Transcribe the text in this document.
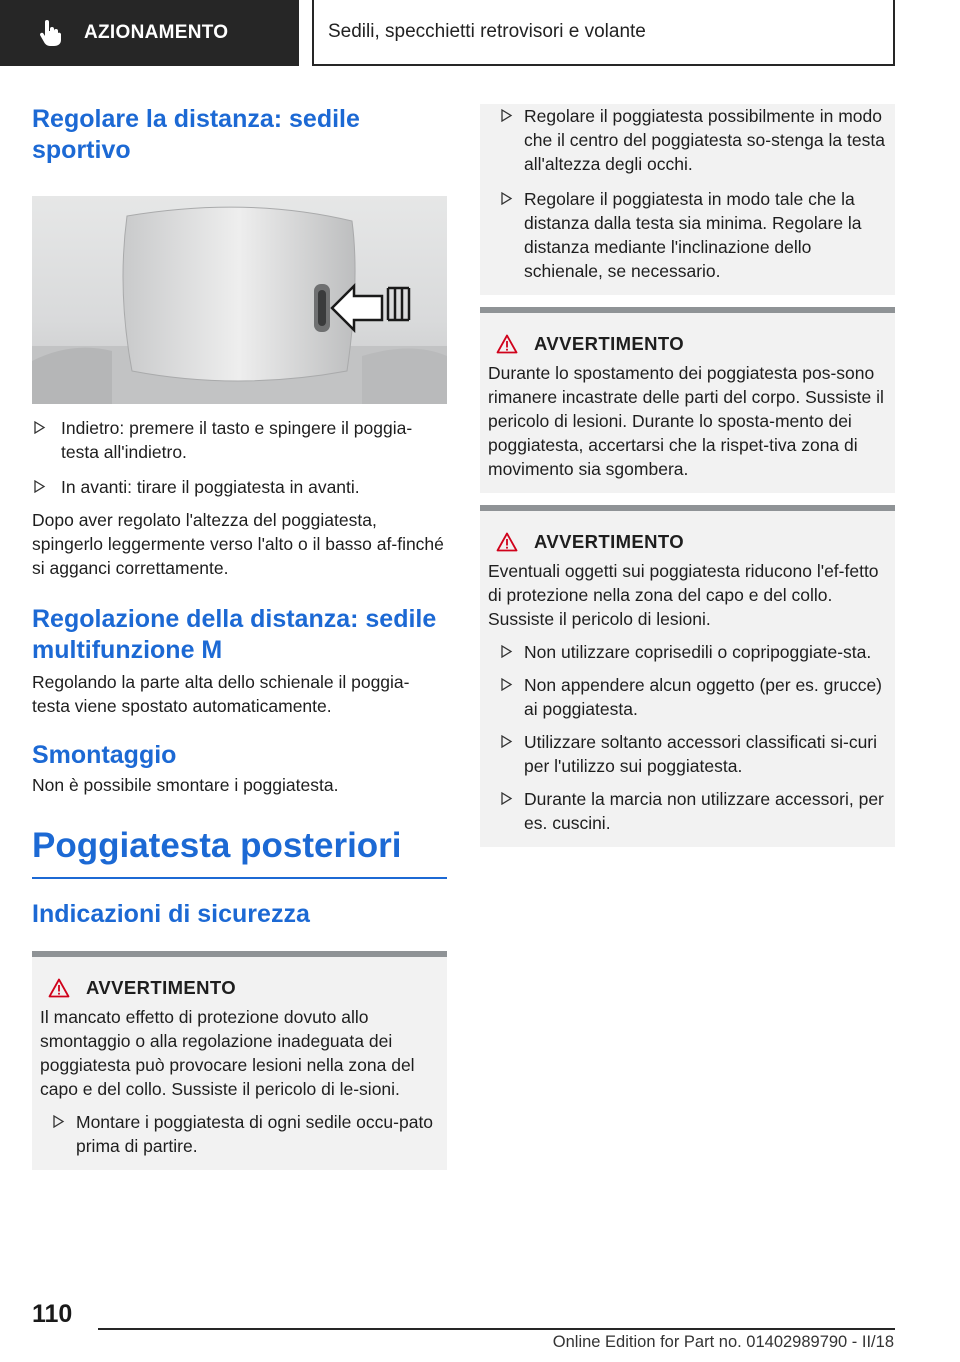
AZIONAMENTO	Sedili, specchietti retrovisori e volante
Regolare la distanza: sedile sportivo
Indietro: premere il tasto e spingere il poggia-testa all'indietro.
In avanti: tirare il poggiatesta in avanti.

Dopo aver regolato l'altezza del poggiatesta, spingerlo leggermente verso l'alto o il basso af-finché si agganci correttamente.

Regolazione della distanza: sedile multifunzione M

Regolando la parte alta dello schienale il poggia-testa viene spostato automaticamente.

Smontaggio

Non è possibile smontare i poggiatesta.

Poggiatesta posteriori
Indicazioni di sicurezza
AVVERTIMENTO

Il mancato effetto di protezione dovuto allo smontaggio o alla regolazione inadeguata dei poggiatesta può provocare lesioni nella zona del capo e del collo. Sussiste il pericolo di le-sioni.

Montare i poggiatesta di ogni sedile occu-pato prima di partire.
Regolare il poggiatesta possibilmente in modo che il centro del poggiatesta so-stenga la testa all'altezza degli occhi.
Regolare il poggiatesta in modo tale che la distanza dalla testa sia minima. Regolare la distanza mediante l'inclinazione dello schienale, se necessario.
AVVERTIMENTO

Durante lo spostamento dei poggiatesta pos-sono rimanere incastrate delle parti del corpo. Sussiste il pericolo di lesioni. Durante lo sposta-mento dei poggiatesta, accertarsi che la rispet-tiva zona di movimento sia sgombera.

AVVERTIMENTO

Eventuali oggetti sui poggiatesta riducono l'ef-fetto di protezione nella zona del capo e del collo. Sussiste il pericolo di lesioni.

Non utilizzare coprisedili o copripoggiate-sta.
Non appendere alcun oggetto (per es. grucce) ai poggiatesta.
Utilizzare soltanto accessori classificati si-curi per l'utilizzo sui poggiatesta.
Durante la marcia non utilizzare accessori, per es. cuscini.
110
Online Edition for Part no. 01402989790 - II/18
